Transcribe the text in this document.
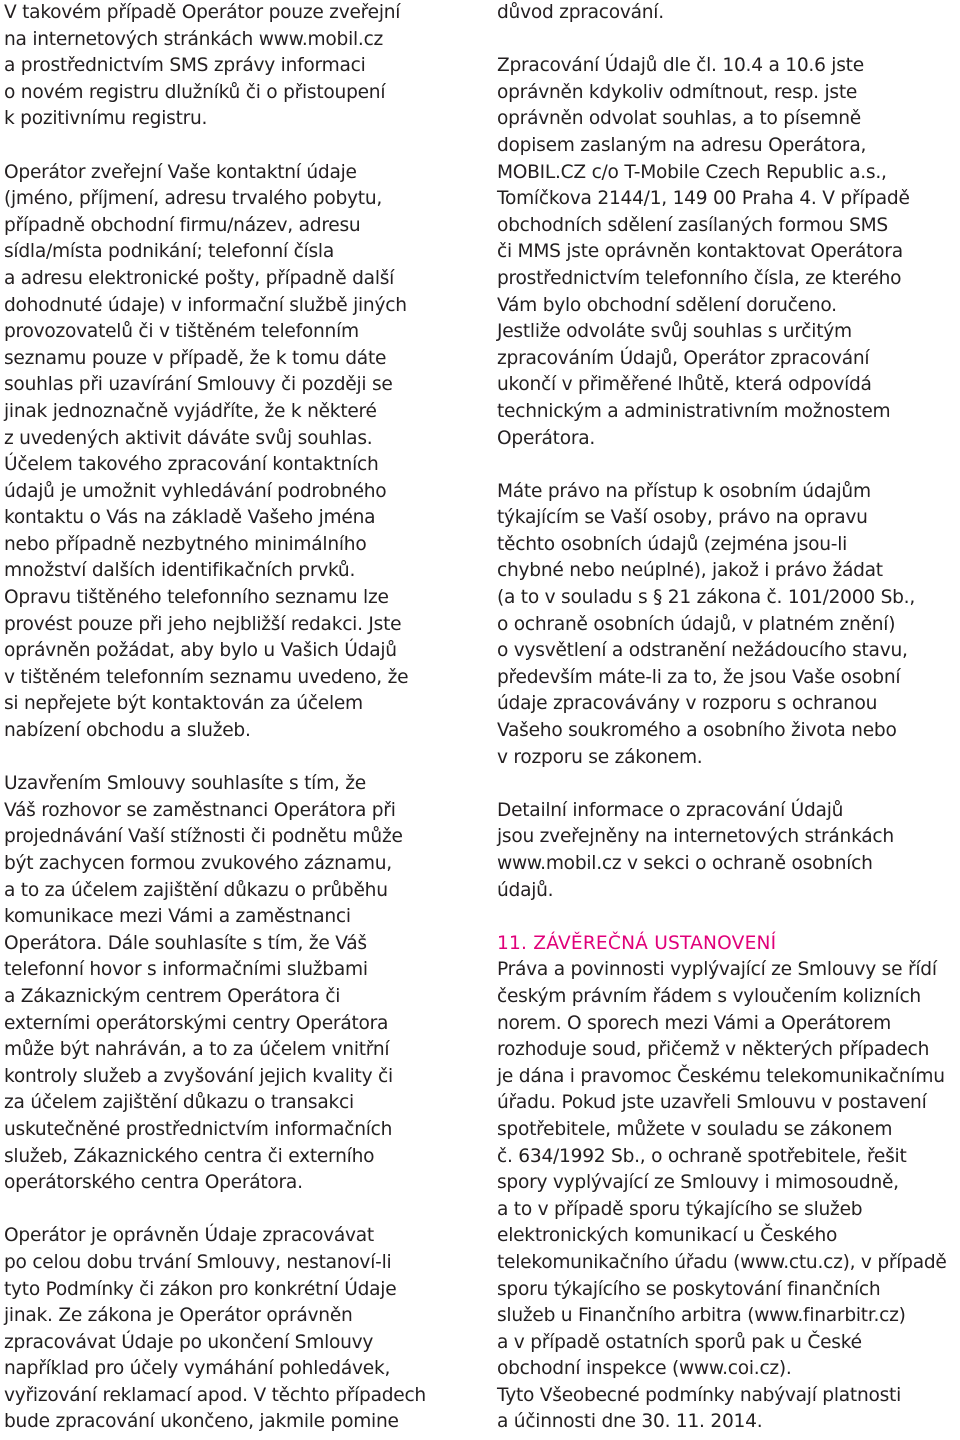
V takovém případě Operátor pouze zveřejní
na internetových stránkách www.mobil.cz
a prostřednictvím SMS zprávy informaci
o novém registru dlužníků či o přistoupení
k pozitivnímu registru.
Operátor zveřejní Vaše kontaktní údaje
(jméno, příjmení, adresu trvalého pobytu,
případně obchodní firmu/název, adresu
sídla/místa podnikání; telefonní čísla
a adresu elektronické pošty, případně další
dohodnuté údaje) v informační službě jiných
provozovatelů či v tištěném telefonním
seznamu pouze v případě, že k tomu dáte
souhlas při uzavírání Smlouvy či později se
jinak jednoznačně vyjádříte, že k některé
z uvedených aktivit dáváte svůj souhlas.
Účelem takového zpracování kontaktních
údajů je umožnit vyhledávání podrobného
kontaktu o Vás na základě Vašeho jména
nebo případně nezbytného minimálního
množství dalších identifikačních prvků.
Opravu tištěného telefonního seznamu lze
provést pouze při jeho nejbližší redakci. Jste
oprávněn požádat, aby bylo u Vašich Údajů
v tištěném telefonním seznamu uvedeno, že
si nepřejete být kontaktován za účelem
nabízení obchodu a služeb.
Uzavřením Smlouvy souhlasíte s tím, že
Váš rozhovor se zaměstnanci Operátora při
projednávání Vaší stížnosti či podnětu může
být zachycen formou zvukového záznamu,
a to za účelem zajištění důkazu o průběhu
komunikace mezi Vámi a zaměstnanci
Operátora. Dále souhlasíte s tím, že Váš
telefonní hovor s informačními službami
a Zákaznickým centrem Operátora či
externími operátorskými centry Operátora
může být nahráván, a to za účelem vnitřní
kontroly služeb a zvyšování jejich kvality či
za účelem zajištění důkazu o transakci
uskutečněné prostřednictvím informačních
služeb, Zákaznického centra či externího
operátorského centra Operátora.
Operátor je oprávněn Údaje zpracovávat
po celou dobu trvání Smlouvy, nestanoví-li
tyto Podmínky či zákon pro konkrétní Údaje
jinak. Ze zákona je Operátor oprávněn
zpracovávat Údaje po ukončení Smlouvy
například pro účely vymáhání pohledávek,
vyřizování reklamací apod. V těchto případech
bude zpracování ukončeno, jakmile pomine
důvod zpracování.
Zpracování Údajů dle čl. 10.4 a 10.6 jste
oprávněn kdykoliv odmítnout, resp. jste
oprávněn odvolat souhlas, a to písemně
dopisem zaslaným na adresu Operátora,
MOBIL.CZ c/o T-Mobile Czech Republic a.s.,
Tomíčkova 2144/1, 149 00 Praha 4. V případě
obchodních sdělení zasílaných formou SMS
či MMS jste oprávněn kontaktovat Operátora
prostřednictvím telefonního čísla, ze kterého
Vám bylo obchodní sdělení doručeno.
Jestliže odvoláte svůj souhlas s určitým
zpracováním Údajů, Operátor zpracování
ukončí v přiměřené lhůtě, která odpovídá
technickým a administrativním možnostem
Operátora.
Máte právo na přístup k osobním údajům
týkajícím se Vaší osoby, právo na opravu
těchto osobních údajů (zejména jsou-li
chybné nebo neúplné), jakož i právo žádat
(a to v souladu s § 21 zákona č. 101/2000 Sb.,
o ochraně osobních údajů, v platném znění)
o vysvětlení a odstranění nežádoucího stavu,
především máte-li za to, že jsou Vaše osobní
údaje zpracovávány v rozporu s ochranou
Vašeho soukromého a osobního života nebo
v rozporu se zákonem.
Detailní informace o zpracování Údajů
jsou zveřejněny na internetových stránkách
www.mobil.cz v sekci o ochraně osobních
údajů.
11. ZÁVĚREČNÁ USTANOVENÍ
Práva a povinnosti vyplývající ze Smlouvy se řídí
českým právním řádem s vyloučením kolizních
norem. O sporech mezi Vámi a Operátorem
rozhoduje soud, přičemž v některých případech
je dána i pravomoc Českému telekomunikačnímu
úřadu. Pokud jste uzavřeli Smlouvu v postavení
spotřebitele, můžete v souladu se zákonem
č. 634/1992 Sb., o ochraně spotřebitele, řešit
spory vyplývající ze Smlouvy i mimosoudně,
a to v případě sporu týkajícího se služeb
elektronických komunikací u Českého
telekomunikačního úřadu (www.ctu.cz), v případě
sporu týkajícího se poskytování finančních
služeb u Finančního arbitra (www.finarbitr.cz)
a v případě ostatních sporů pak u České
obchodní inspekce (www.coi.cz).
Tyto Všeobecné podmínky nabývají platnosti
a účinnosti dne 30. 11. 2014.
